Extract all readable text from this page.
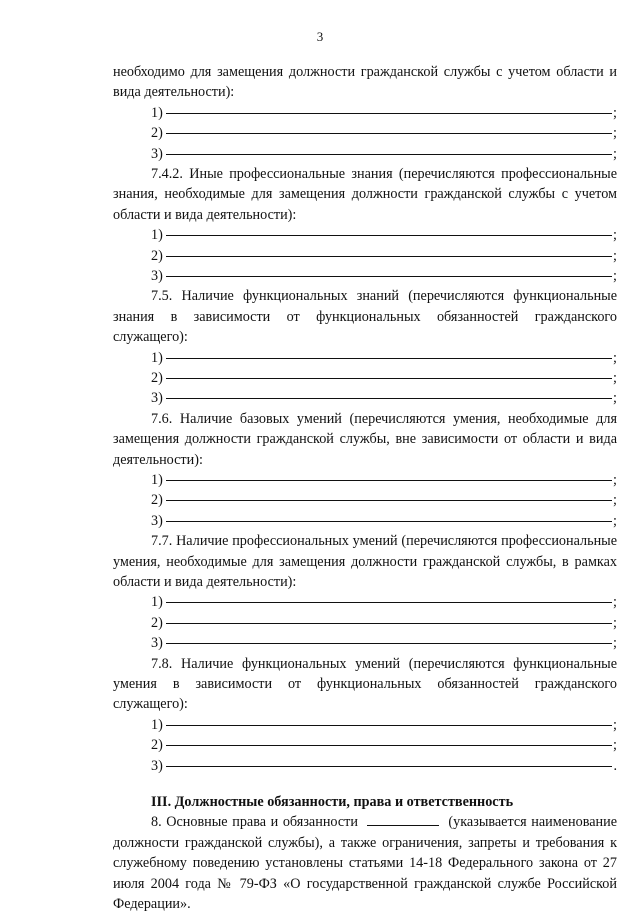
3

необходимо для замещения должности гражданской службы с учетом области и вида деятельности):

1)	;
2)	;
3)	;

7.4.2. Иные профессиональные знания (перечисляются профессиональные знания, необходимые для замещения должности гражданской службы с учетом области и вида деятельности):

1)	;
2)	;
3)	;

7.5. Наличие функциональных знаний (перечисляются функциональные знания в зависимости от функциональных обязанностей гражданского служащего):

1)	;
2)	;
3)	;

7.6. Наличие базовых умений (перечисляются умения, необходимые для замещения должности гражданской службы, вне зависимости от области и вида деятельности):

1)	;
2)	;
3)	;

7.7. Наличие профессиональных умений (перечисляются профессиональные умения, необходимые для замещения должности гражданской службы, в рамках области и вида деятельности):

1)	;
2)	;
3)	;

7.8. Наличие функциональных умений (перечисляются функциональные умения в зависимости от функциональных обязанностей гражданского служащего):

1)	;
2)	;
3)	.
III. Должностные обязанности, права и ответственность

8. Основные права и обязанности	(указывается наименование должности гражданской службы), а также ограничения, запреты и требования к служебному поведению установлены статьями 14-18 Федерального закона от 27 июля 2004 года № 79-ФЗ «О государственной гражданской службе Российской Федерации».
